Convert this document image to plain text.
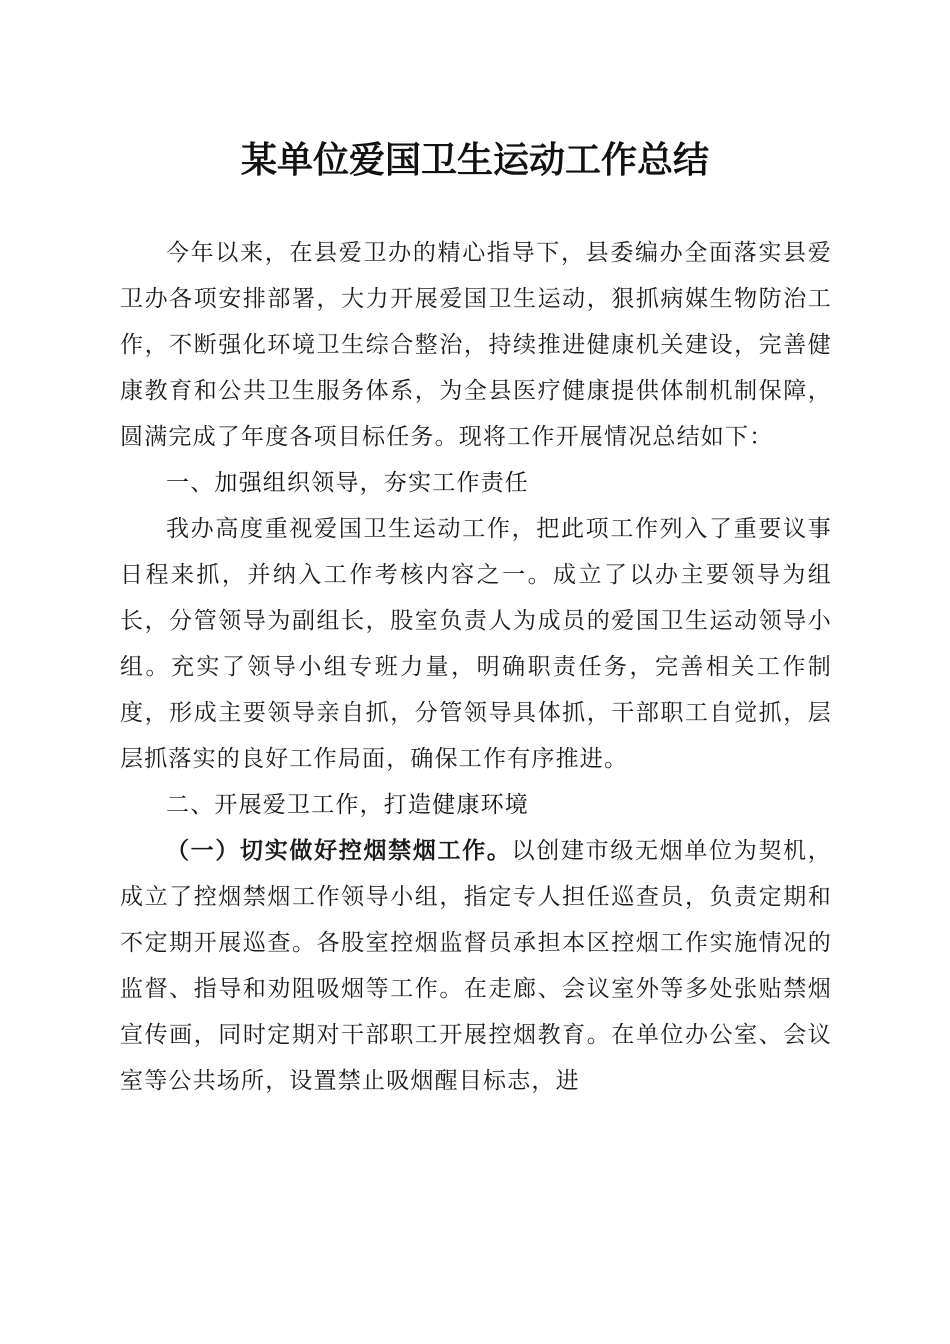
某单位爱国卫生运动工作总结

今年以来，在县爱卫办的精心指导下，县委编办全面落实县爱卫办各项安排部署，大力开展爱国卫生运动，狠抓病媒生物防治工作，不断强化环境卫生综合整治，持续推进健康机关建设，完善健康教育和公共卫生服务体系，为全县医疗健康提供体制机制保障，圆满完成了年度各项目标任务。现将工作开展情况总结如下：

一、加强组织领导，夯实工作责任

我办高度重视爱国卫生运动工作，把此项工作列入了重要议事日程来抓，并纳入工作考核内容之一。成立了以办主要领导为组长，分管领导为副组长，股室负责人为成员的爱国卫生运动领导小组。充实了领导小组专班力量，明确职责任务，完善相关工作制度，形成主要领导亲自抓，分管领导具体抓，干部职工自觉抓，层层抓落实的良好工作局面，确保工作有序推进。

二、开展爱卫工作，打造健康环境

（一）切实做好控烟禁烟工作。以创建市级无烟单位为契机，成立了控烟禁烟工作领导小组，指定专人担任巡查员，负责定期和不定期开展巡查。各股室控烟监督员承担本区控烟工作实施情况的监督、指导和劝阻吸烟等工作。在走廊、会议室外等多处张贴禁烟宣传画，同时定期对干部职工开展控烟教育。在单位办公室、会议室等公共场所，设置禁止吸烟醒目标志，进
